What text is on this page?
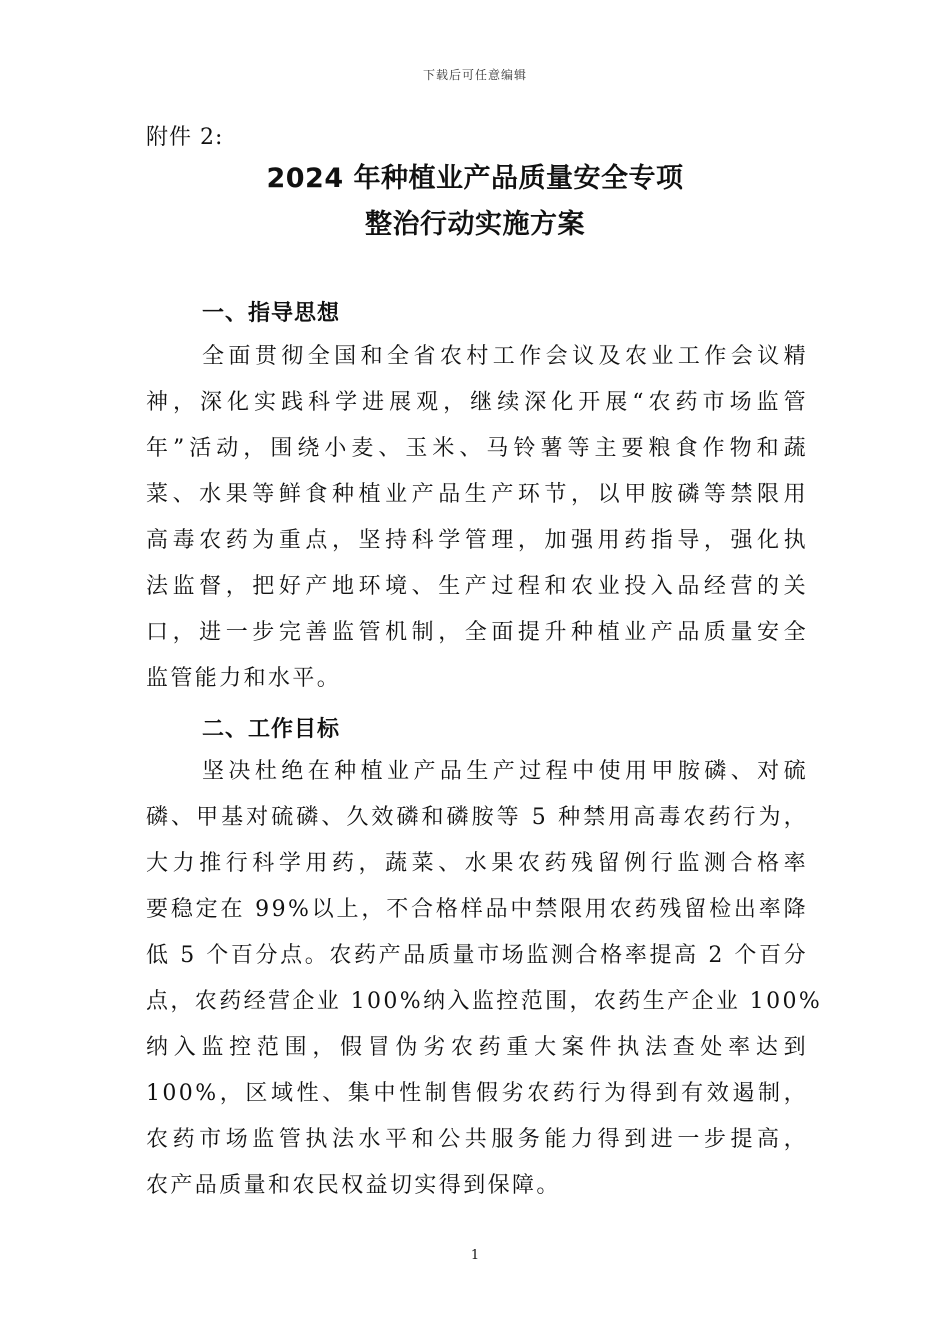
下载后可任意编辑
附件 2:
2024 年种植业产品质量安全专项
整治行动实施方案
一、指导思想
全面贯彻全国和全省农村工作会议及农业工作会议精
神，深化实践科学进展观，继续深化开展“农药市场监管
年”活动，围绕小麦、玉米、马铃薯等主要粮食作物和蔬
菜、水果等鲜食种植业产品生产环节，以甲胺磷等禁限用
高毒农药为重点，坚持科学管理，加强用药指导，强化执
法监督，把好产地环境、生产过程和农业投入品经营的关
口，进一步完善监管机制，全面提升种植业产品质量安全
监管能力和水平。
二、工作目标
坚决杜绝在种植业产品生产过程中使用甲胺磷、对硫
磷、甲基对硫磷、久效磷和磷胺等 5 种禁用高毒农药行为，
大力推行科学用药，蔬菜、水果农药残留例行监测合格率
要稳定在 99%以上，不合格样品中禁限用农药残留检出率降
低 5 个百分点。农药产品质量市场监测合格率提高 2 个百分
点，农药经营企业 100%纳入监控范围，农药生产企业 100%
纳入监控范围，假冒伪劣农药重大案件执法查处率达到
100%，区域性、集中性制售假劣农药行为得到有效遏制，
农药市场监管执法水平和公共服务能力得到进一步提高，
农产品质量和农民权益切实得到保障。
1
